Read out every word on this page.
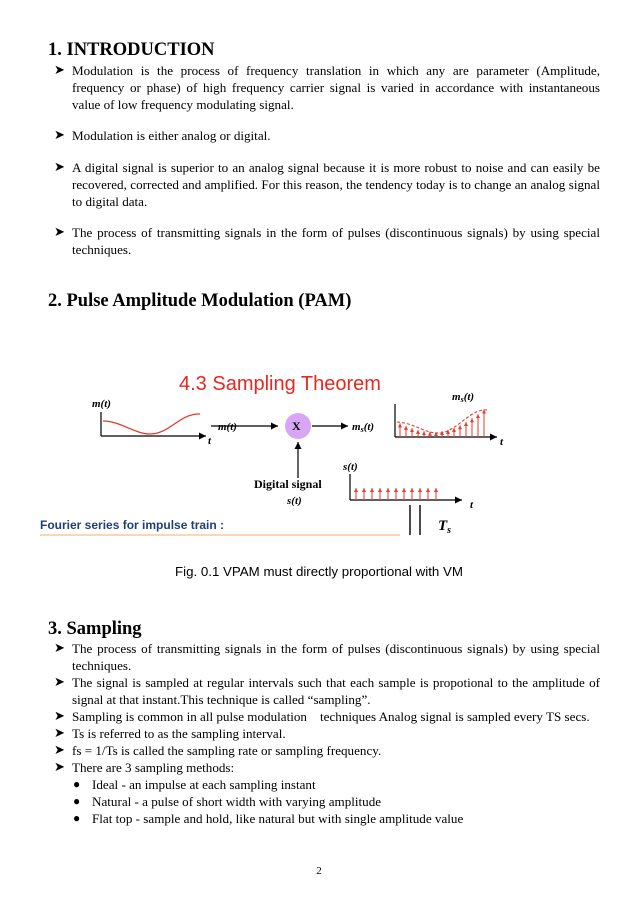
1. INTRODUCTION
➤ Modulation is the process of frequency translation in which any are parameter (Amplitude, frequency or phase) of high frequency carrier signal is varied in accordance with instantaneous value of low frequency modulating signal.
➤ Modulation is either analog or digital.
➤ A digital signal is superior to an analog signal because it is more robust to noise and can easily be recovered, corrected and amplified. For this reason, the tendency today is to change an analog signal to digital data.
➤ The process of transmitting signals in the form of pulses (discontinuous signals) by using special techniques.
2. Pulse Amplitude Modulation (PAM)
4.3 Sampling Theorem
m(t)
t
m(t)	X	ms(t)
ms(t)
t
Digital signal
s(t)
s(t)
t
$T_s$
Fourier series for impulse train :
Fig. 0.1 VPAM must directly proportional with VM
3. Sampling
➤ The process of transmitting signals in the form of pulses (discontinuous signals) by using special techniques.
➤ The signal is sampled at regular intervals such that each sample is propotional to the amplitude of signal at that instant.This technique is called “sampling”.
➤ Sampling is common in all pulse modulation    techniques Analog signal is sampled every TS secs.
➤ Ts is referred to as the sampling interval.
➤ fs = 1/Ts is called the sampling rate or sampling frequency.
➤ There are 3 sampling methods:
● Ideal - an impulse at each sampling instant
● Natural - a pulse of short width with varying amplitude
● Flat top - sample and hold, like natural but with single amplitude value
2
